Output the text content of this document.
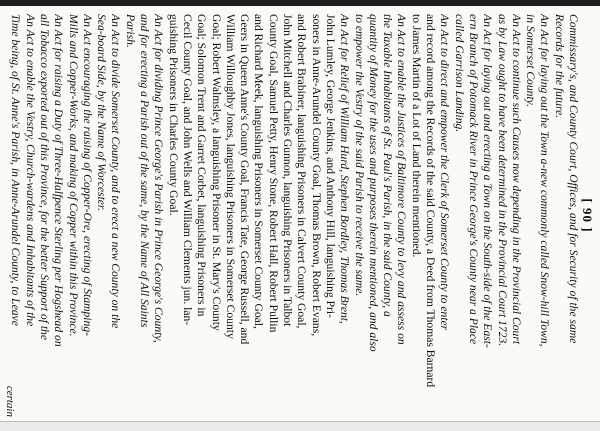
[ 90 ]
Commissary's, and County Court, Offices, and for Security of the same
Records for the future.
An Act for laying out the Town a-new commonly called Snow-hill Town,
in Somerset County.
An Act to continue such Causes now depending in the Provincial Court
as by Law ought to have been determined in the Provincial Court 1723.
An Act for laying out and erecting a Town on the South-side of the East-
ern Branch of Potomack River in Prince George's County near a Place
called Garrison Landing.
An Act to direct and empower the Clerk of Somerset County to enter
and record among the Records of the said County, a Deed from Thomas Barnard
to James Martin of a Lot of Land therein mentioned.
An Act to enable the Justices of Baltimore County to levy and assess on
the Taxable Inhabitants of St. Paul's Parish, in the said County, a
quantity of Money for the uses and purposes therein mentioned, and also
to empower the Vestry of the said Parish to receive the same.
An Act for Relief of William Hurd, Stephen Bordley, Thomas Brent,
John Lumley, George Jenkins, and Anthony Hill, languishing Pri-
soners in Anne-Arundel County Goal, Thomas Brown, Robert Evans,
and Robert Brabiner, languishing Prisoners in Calvert County Goal,
John Mitchell and Charles Gunnon, languishing Prisoners in Talbot
County Goal, Samuel Petty, Henry Stone, Robert Hall, Robert Pullin
and Richard Meek, languishing Prisoners in Somerset County Goal,
Geers in Queen Anne's County Goal, Francis Tate, George Russell, and
William Willoughby Jones, languishing Prisoners in Somerset County
Goal; Robert Walmsley, a languishing Prisoner in St. Mary's County
Goal; Solomon Trent and Garret Corbet, languishing Prisoners in
Cecil County Goal, and John Wells and William Clements jun. lan-
guishing Prisoners in Charles County Goal.
An Act for dividing Prince George's Parish in Prince George's County,
and for erecting a Parish out of the same, by the Name of All Saints
Parish.
An Act to divide Somerset County, and to erect a new County on the
Sea-board Side, by the Name of Worcester.
An Act encouraging the raising of Copper-Ore, erecting of Stamping-
Mills and Copper-Works, and making of Copper within this Province.
An Act for raising a Duty of Three-Halfpence Sterling per Hogshead on
all Tobacco exported out of this Province, for the better Support of the
An Act to enable the Vestry, Church-wardens and Inhabitants of the
Time being, of St. Anne's Parish, in Anne-Arundel County, to Leave
certain
